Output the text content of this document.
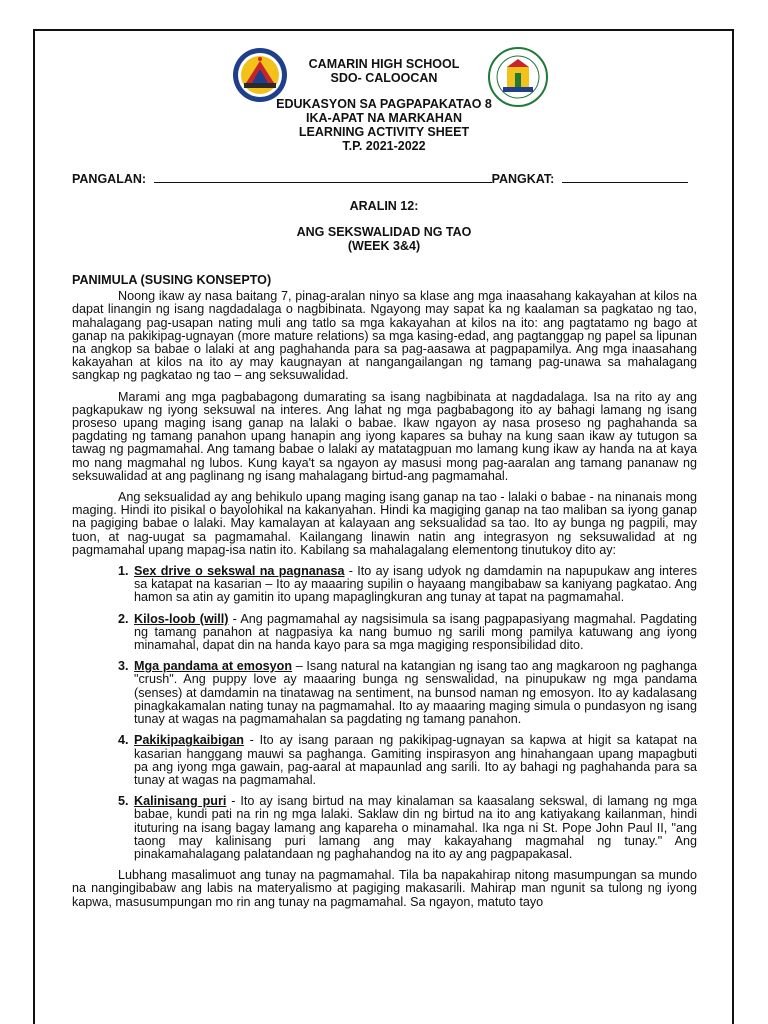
CAMARIN HIGH SCHOOL
SDO- CALOOCAN
EDUKASYON SA PAGPAPAKATAO 8
IKA-APAT NA MARKAHAN
LEARNING ACTIVITY SHEET
T.P. 2021-2022
PANGALAN:	PANGKAT:
ARALIN 12:
ANG SEKSWALIDAD NG TAO
(WEEK 3&4)
PANIMULA (SUSING KONSEPTO)

Noong ikaw ay nasa baitang 7, pinag-aralan ninyo sa klase ang mga inaasahang kakayahan at kilos na dapat linangin ng isang nagdadalaga o nagbibinata. Ngayong may sapat ka ng kaalaman sa pagkatao ng tao, mahalagang pag-usapan nating muli ang tatlo sa mga kakayahan at kilos na ito: ang pagtatamo ng bago at ganap na pakikipag-ugnayan (more mature relations) sa mga kasing-edad, ang pagtanggap ng papel sa lipunan na angkop sa babae o lalaki at ang paghahanda para sa pag-aasawa at pagpapamilya. Ang mga inaasahang kakayahan at kilos na ito ay may kaugnayan at nangangailangan ng tamang pag-unawa sa mahalagang sangkap ng pagkatao ng tao – ang seksuwalidad.

Marami ang mga pagbabagong dumarating sa isang nagbibinata at nagdadalaga. Isa na rito ay ang pagkapukaw ng iyong seksuwal na interes. Ang lahat ng mga pagbabagong ito ay bahagi lamang ng isang proseso upang maging isang ganap na lalaki o babae. Ikaw ngayon ay nasa proseso ng paghahanda sa pagdating ng tamang panahon upang hanapin ang iyong kapares sa buhay na kung saan ikaw ay tutugon sa tawag ng pagmamahal. Ang tamang babae o lalaki ay matatagpuan mo lamang kung ikaw ay handa na at kaya mo nang magmahal ng lubos. Kung kaya't sa ngayon ay masusi mong pag-aaralan ang tamang pananaw ng seksuwalidad at ang paglinang ng isang mahalagang birtud-ang pagmamahal.

Ang seksualidad ay ang behikulo upang maging isang ganap na tao - lalaki o babae - na ninanais mong maging. Hindi ito pisikal o bayolohikal na kakanyahan. Hindi ka magiging ganap na tao maliban sa iyong ganap na pagiging babae o lalaki. May kamalayan at kalayaan ang seksualidad sa tao. Ito ay bunga ng pagpili, may tuon, at nag-uugat sa pagmamahal. Kailangang linawin natin ang integrasyon ng seksuwalidad at ng pagmamahal upang mapag-isa natin ito. Kabilang sa mahalagalang elementong tinutukoy dito ay:

1. Sex drive o sekswal na pagnanasa - Ito ay isang udyok ng damdamin na napupukaw ang interes sa katapat na kasarian – Ito ay maaaring supilin o hayaang mangibabaw sa kaniyang pagkatao. Ang hamon sa atin ay gamitin ito upang mapaglingkuran ang tunay at tapat na pagmamahal.
2. Kilos-loob (will) - Ang pagmamahal ay nagsisimula sa isang pagpapasiyang magmahal. Pagdating ng tamang panahon at nagpasiya ka nang bumuo ng sarili mong pamilya katuwang ang iyong minamahal, dapat din na handa kayo para sa mga magiging responsibilidad dito.
3. Mga pandama at emosyon – Isang natural na katangian ng isang tao ang magkaroon ng paghanga "crush". Ang puppy love ay maaaring bunga ng senswalidad, na pinupukaw ng mga pandama (senses) at damdamin na tinatawag na sentiment, na bunsod naman ng emosyon. Ito ay kadalasang pinagkakamalan nating tunay na pagmamahal. Ito ay maaaring maging simula o pundasyon ng isang tunay at wagas na pagmamahalan sa pagdating ng tamang panahon.
4. Pakikipagkaibigan - Ito ay isang paraan ng pakikipag-ugnayan sa kapwa at higit sa katapat na kasarian hanggang mauwi sa paghanga. Gamiting inspirasyon ang hinahangaan upang mapagbuti pa ang iyong mga gawain, pag-aaral at mapaunlad ang sarili. Ito ay bahagi ng paghahanda para sa tunay at wagas na pagmamahal.
5. Kalinisang puri - Ito ay isang birtud na may kinalaman sa kaasalang sekswal, di lamang ng mga babae, kundi pati na rin ng mga lalaki. Saklaw din ng birtud na ito ang katiyakang kailanman, hindi ituturing na isang bagay lamang ang kapareha o minamahal. Ika nga ni St. Pope John Paul II, "ang taong may kalinisang puri lamang ang may kakayahang magmahal ng tunay." Ang pinakamahalagang palatandaan ng paghahandog na ito ay ang pagpapakasal.

Lubhang masalimuot ang tunay na pagmamahal. Tila ba napakahirap nitong masumpungan sa mundo na nangingibabaw ang labis na materyalismo at pagiging makasarili. Mahirap man ngunit sa tulong ng iyong kapwa, masusumpungan mo rin ang tunay na pagmamahal. Sa ngayon, matuto tayo
